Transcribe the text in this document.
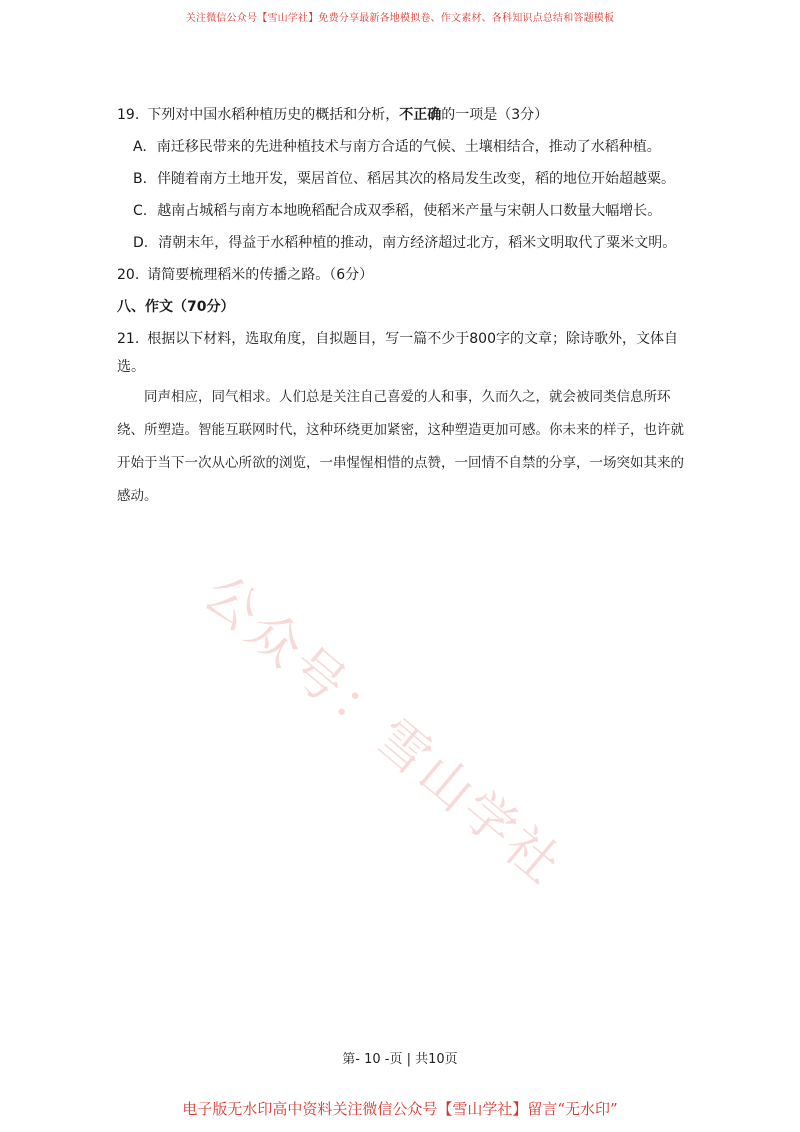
关注微信公众号【雪山学社】免费分享最新各地模拟卷、作文素材、各科知识点总结和答题模板
公众号：雪山学社
19. 下列对中国水稻种植历史的概括和分析，不正确的一项是（3分）
A. 南迁移民带来的先进种植技术与南方合适的气候、土壤相结合，推动了水稻种植。
B. 伴随着南方土地开发，粟居首位、稻居其次的格局发生改变，稻的地位开始超越粟。
C. 越南占城稻与南方本地晚稻配合成双季稻，使稻米产量与宋朝人口数量大幅增长。
D. 清朝末年，得益于水稻种植的推动，南方经济超过北方，稻米文明取代了粟米文明。
20. 请简要梳理稻米的传播之路。（6分）
八、作文（70分）
21. 根据以下材料，选取角度，自拟题目，写一篇不少于800字的文章；除诗歌外，文体自
选。
同声相应，同气相求。人们总是关注自己喜爱的人和事，久而久之，就会被同类信息所环绕、所塑造。智能互联网时代，这种环绕更加紧密，这种塑造更加可感。你未来的样子，也许就开始于当下一次从心所欲的浏览，一串惺惺相惜的点赞，一回情不自禁的分享，一场突如其来的感动。
第- 10 -页 | 共10页
电子版无水印高中资料关注微信公众号【雪山学社】留言“无水印”
